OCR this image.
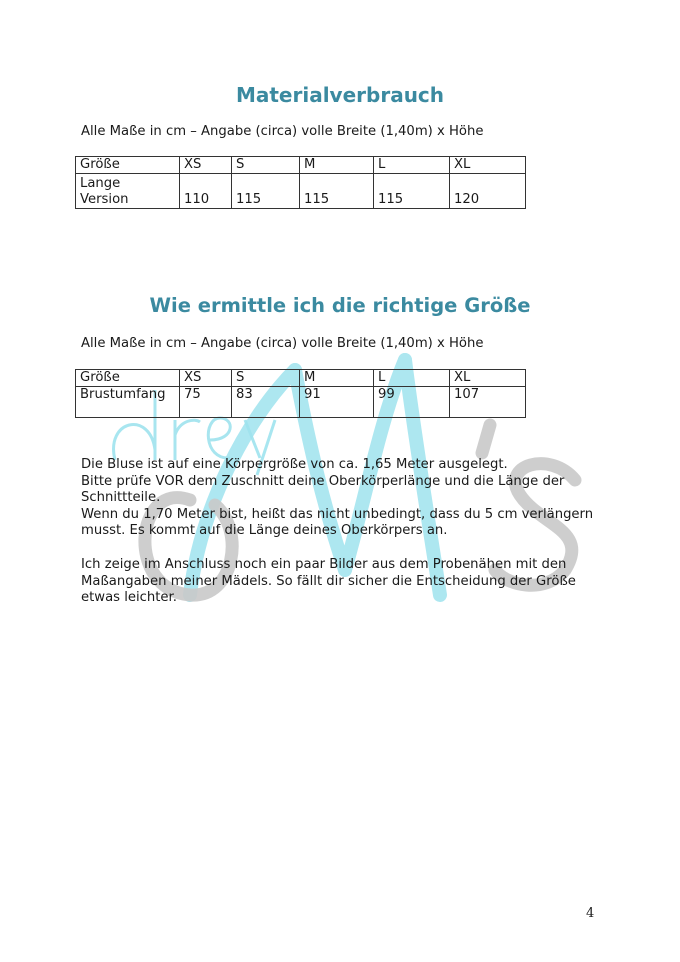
Materialverbrauch

Alle Maße in cm – Angabe (circa) volle Breite (1,40m) x Höhe

Größe	XS	S	M	L	XL
Lange
Version	110	115	115	115	120
Wie ermittle ich die richtige Größe

Alle Maße in cm – Angabe (circa) volle Breite (1,40m) x Höhe

Größe	XS	S	M	L	XL
Brustumfang	75	83	91	99	107

Die Bluse ist auf eine Körpergröße von ca. 1,65 Meter ausgelegt.

Bitte prüfe VOR dem Zuschnitt deine Oberkörperlänge und die Länge der

Schnittteile.

Wenn du 1,70 Meter bist, heißt das nicht unbedingt, dass du 5 cm verlängern

musst. Es kommt auf die Länge deines Oberkörpers an.

Ich zeige im Anschluss noch ein paar Bilder aus dem Probenähen mit den

Maßangaben meiner Mädels. So fällt dir sicher die Entscheidung der Größe

etwas leichter.

4
